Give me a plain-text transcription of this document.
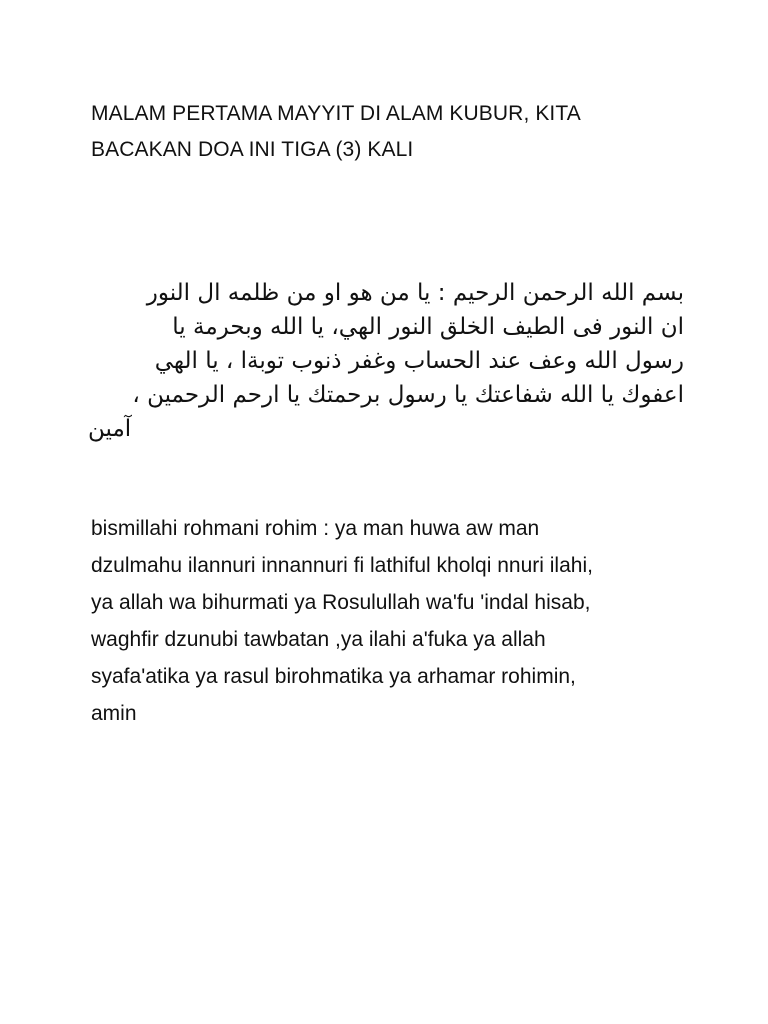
MALAM PERTAMA MAYYIT DI ALAM KUBUR, KITA
BACAKAN DOA INI TIGA (3) KALI
بسم الله الرحمن الرحيم : يا من هو او من ظلمه ال النور
ان النور فى الطيف الخلق النور الهي، يا الله وبحرمة يا
رسول الله وعف عند الحساب وغفر ذنوب توبةا ، يا الهي
اعفوك يا الله شفاعتك يا رسول برحمتك يا ارحم الرحمين ،
آمين
bismillahi rohmani rohim : ya man huwa aw man
dzulmahu ilannuri innannuri fi lathiful kholqi nnuri ilahi,
ya allah wa bihurmati ya Rosulullah wa'fu 'indal hisab,
waghfir dzunubi tawbatan ,ya ilahi a'fuka ya allah
syafa'atika ya rasul birohmatika ya arhamar rohimin,
amin
